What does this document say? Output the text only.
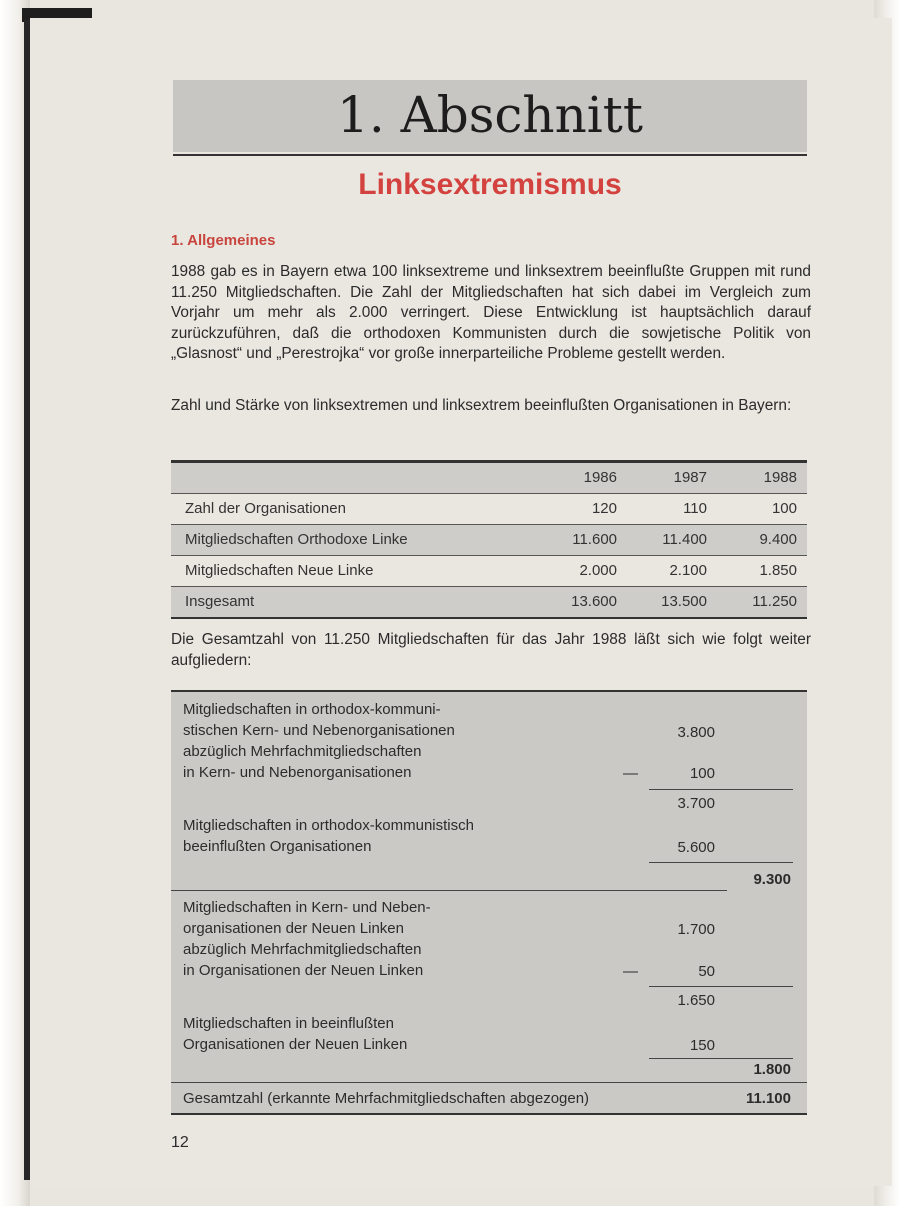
1. Abschnitt
Linksextremismus
1. Allgemeines
1988 gab es in Bayern etwa 100 linksextreme und linksextrem beeinflußte Gruppen mit rund 11.250 Mitgliedschaften. Die Zahl der Mitgliedschaften hat sich dabei im Vergleich zum Vorjahr um mehr als 2.000 verringert. Diese Entwicklung ist hauptsächlich darauf zurückzuführen, daß die orthodoxen Kommunisten durch die sowjetische Politik von „Glasnost“ und „Perestrojka“ vor große innerparteiliche Probleme gestellt werden.
Zahl und Stärke von linksextremen und linksextrem beeinflußten Organisationen in Bayern:
1986	1987	1988
Zahl der Organisationen	120	110	100
Mitgliedschaften Orthodoxe Linke	11.600	11.400	9.400
Mitgliedschaften Neue Linke	2.000	2.100	1.850
Insgesamt	13.600	13.500	11.250
Die Gesamtzahl von 11.250 Mitgliedschaften für das Jahr 1988 läßt sich wie folgt weiter aufgliedern:
Mitgliedschaften in orthodox-kommuni-
stischen Kern- und Nebenorganisationen	3.800
abzüglich Mehrfachmitgliedschaften
in Kern- und Nebenorganisationen	—	100
3.700
Mitgliedschaften in orthodox-kommunistisch
beeinflußten Organisationen	5.600
9.300
Mitgliedschaften in Kern- und Neben-
organisationen der Neuen Linken	1.700
abzüglich Mehrfachmitgliedschaften
in Organisationen der Neuen Linken	—	50
1.650
Mitgliedschaften in beeinflußten
Organisationen der Neuen Linken	150
1.800
Gesamtzahl (erkannte Mehrfachmitgliedschaften abgezogen)	11.100
12
